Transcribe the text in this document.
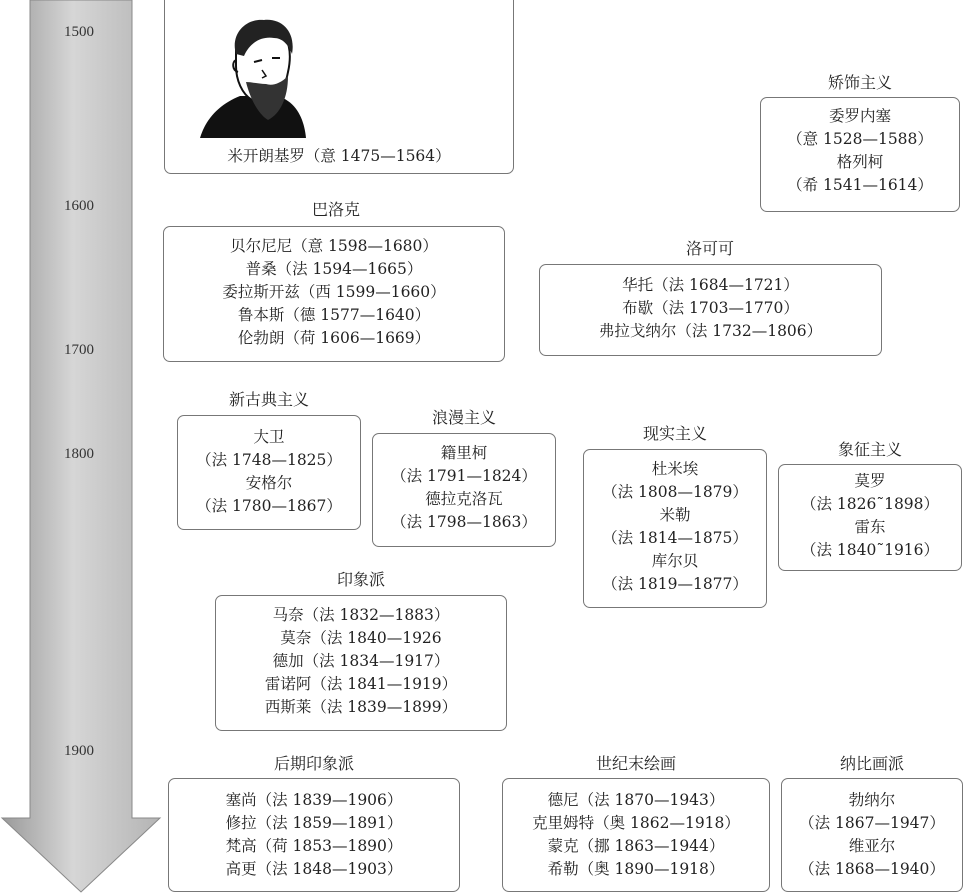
1500
1600
1700
1800
1900
米开朗基罗（意 1475—1564）
矫饰主义
委罗内塞
（意 1528—1588）
格列柯
（希 1541—1614）
巴洛克
贝尔尼尼（意 1598—1680）
普桑（法 1594—1665）
委拉斯开兹（西 1599—1660）
鲁本斯（德 1577—1640）
伦勃朗（荷 1606—1669）
洛可可
华托（法 1684—1721）
布歇（法 1703—1770）
弗拉戈纳尔（法 1732—1806）
新古典主义
大卫
（法 1748—1825）
安格尔
（法 1780—1867）
浪漫主义
籍里柯
（法 1791—1824）
德拉克洛瓦
（法 1798—1863）
现实主义
杜米埃
（法 1808—1879）
米勒
（法 1814—1875）
库尔贝
（法 1819—1877）
象征主义
莫罗
（法 1826˜1898）
雷东
（法 1840˜1916）
印象派
马奈（法 1832—1883）
莫奈（法 1840—1926
德加（法 1834—1917）
雷诺阿（法 1841—1919）
西斯莱（法 1839—1899）
后期印象派
塞尚（法 1839—1906）
修拉（法 1859—1891）
梵高（荷 1853—1890）
高更（法 1848—1903）
世纪末绘画
德尼（法 1870—1943）
克里姆特（奥 1862—1918）
蒙克（挪 1863—1944）
希勒（奥 1890—1918）
纳比画派
勃纳尔
（法 1867—1947）
维亚尔
（法 1868—1940）
